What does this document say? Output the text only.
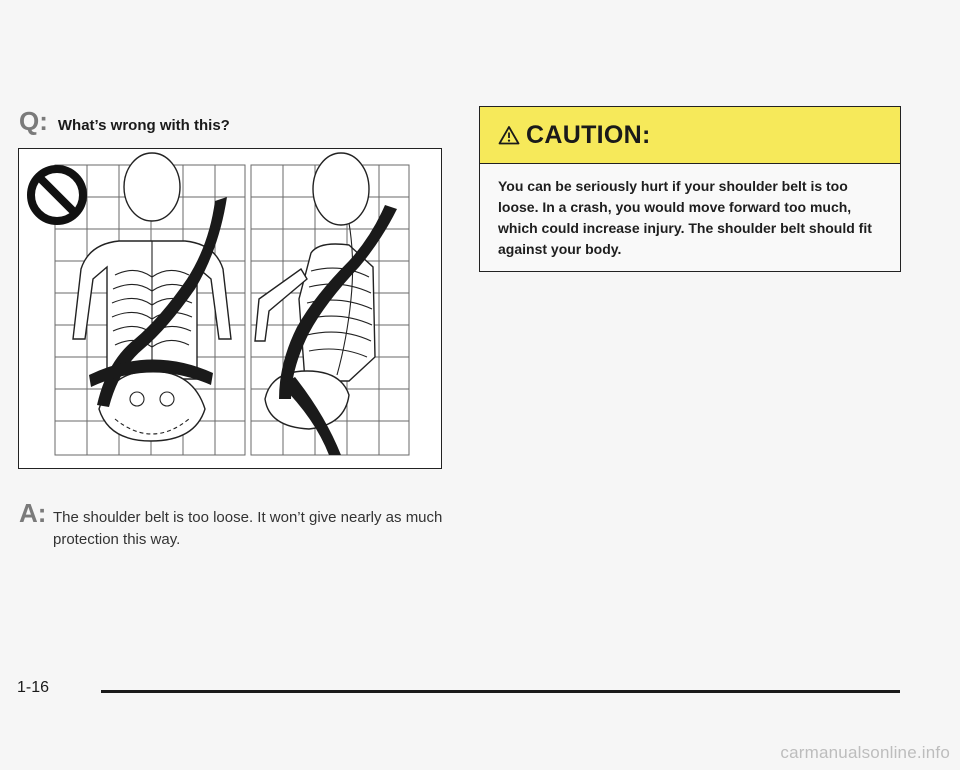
Q: What’s wrong with this?
A: The shoulder belt is too loose. It won’t give nearly as much protection this way.
CAUTION:
You can be seriously hurt if your shoulder belt is too loose. In a crash, you would move forward too much, which could increase injury. The shoulder belt should fit against your body.
1-16
carmanualsonline.info
